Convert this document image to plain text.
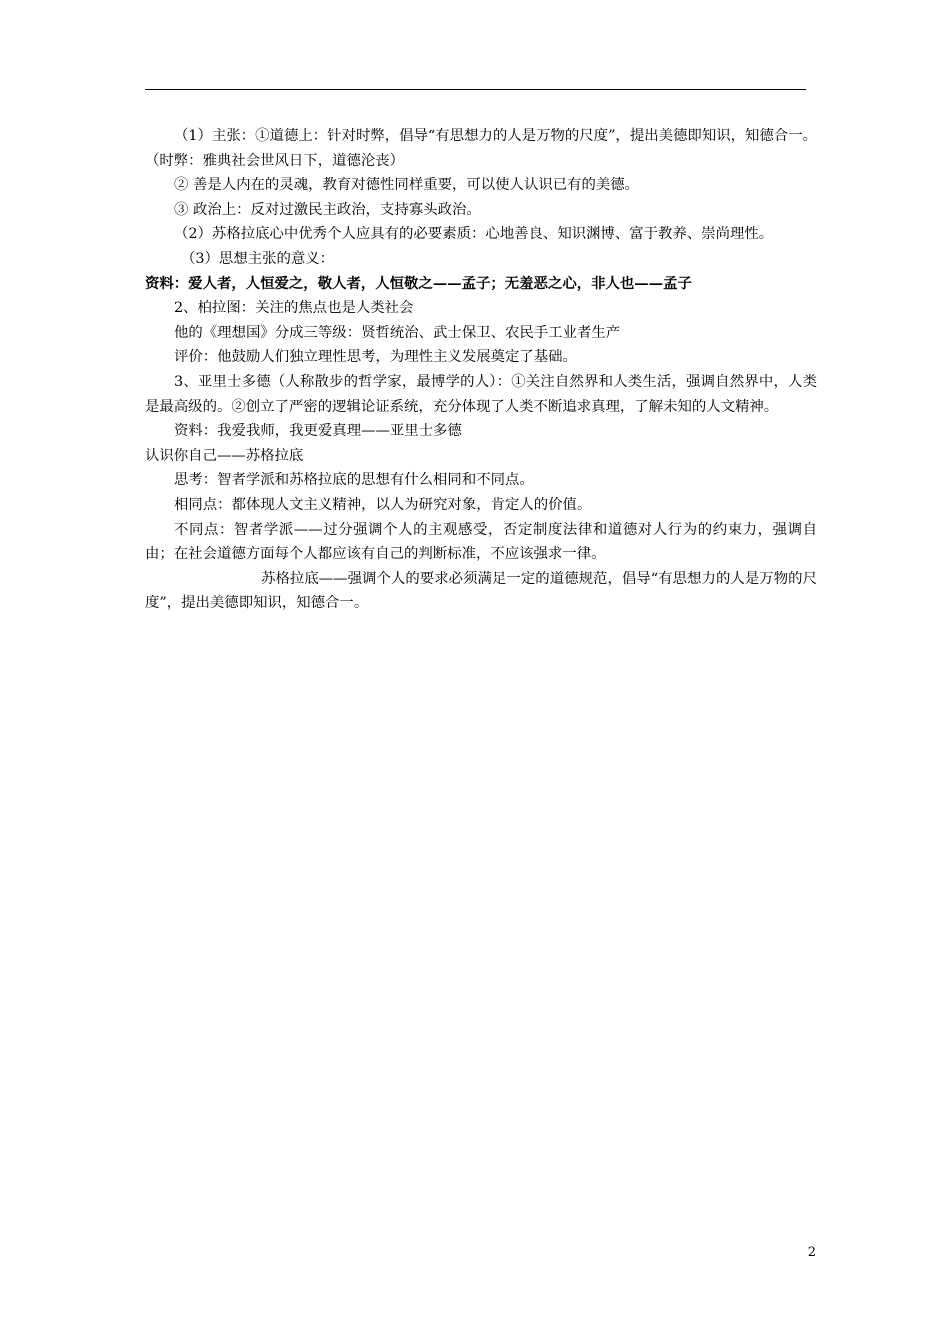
（1）主张：①道德上：针对时弊，倡导“有思想力的人是万物的尺度”，提出美德即知识，知德合一。（时弊：雅典社会世风日下，道德沦丧）

② 善是人内在的灵魂，教育对德性同样重要，可以使人认识已有的美德。

③ 政治上：反对过激民主政治，支持寡头政治。

（2）苏格拉底心中优秀个人应具有的必要素质：心地善良、知识渊博、富于教养、崇尚理性。

（3）思想主张的意义：

资料：爱人者，人恒爱之，敬人者，人恒敬之——孟子；无羞恶之心，非人也——孟子

2、柏拉图：关注的焦点也是人类社会

他的《理想国》分成三等级：贤哲统治、武士保卫、农民手工业者生产

评价：他鼓励人们独立理性思考，为理性主义发展奠定了基础。

3、亚里士多德（人称散步的哲学家，最博学的人）：①关注自然界和人类生活，强调自然界中，人类是最高级的。②创立了严密的逻辑论证系统，充分体现了人类不断追求真理，了解未知的人文精神。

资料：我爱我师，我更爱真理——亚里士多德

认识你自己——苏格拉底

思考：智者学派和苏格拉底的思想有什么相同和不同点。

相同点：都体现人文主义精神，以人为研究对象，肯定人的价值。

不同点：智者学派——过分强调个人的主观感受，否定制度法律和道德对人行为的约束力，强调自由；在社会道德方面每个人都应该有自己的判断标准，不应该强求一律。

苏格拉底——强调个人的要求必须满足一定的道德规范，倡导“有思想力的人是万物的尺度”，提出美德即知识，知德合一。

2
